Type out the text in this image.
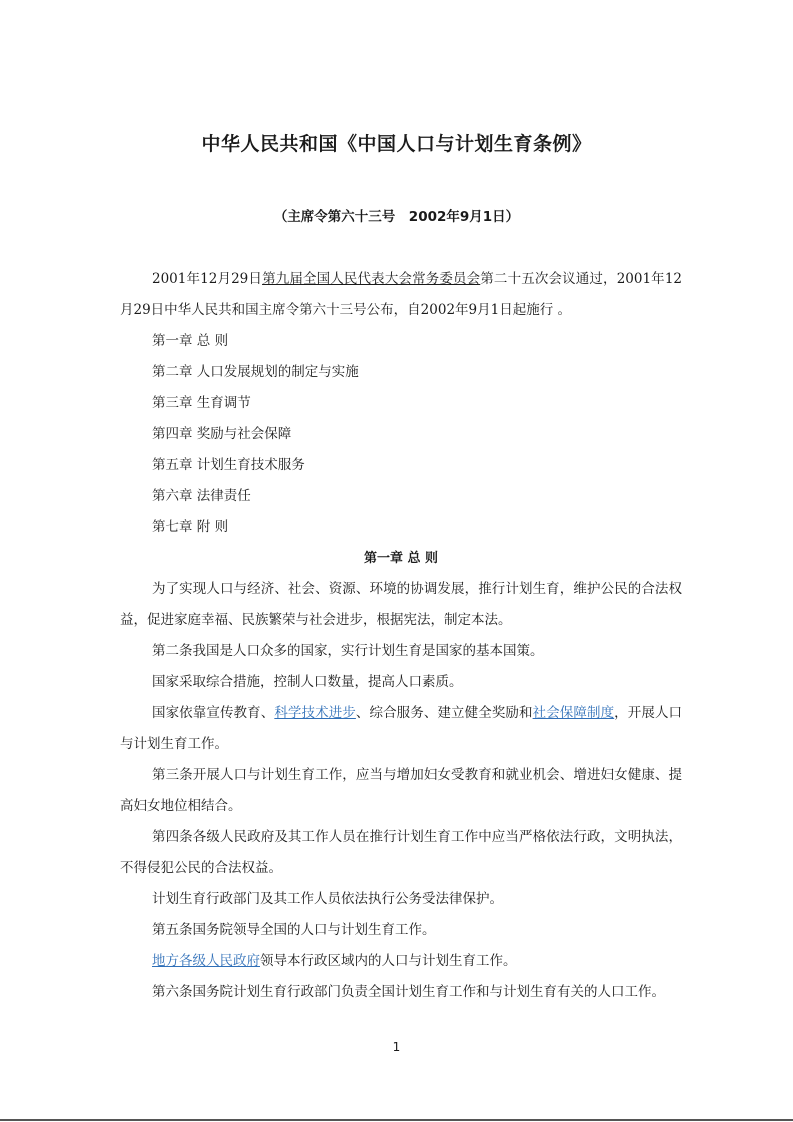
中华人民共和国《中国人口与计划生育条例》
（主席令第六十三号　2002年9月1日）

2001年12月29日第九届全国人民代表大会常务委员会第二十五次会议通过，2001年12月29日中华人民共和国主席令第六十三号公布，自2002年9月1日起施行 。

第一章 总 则

第二章 人口发展规划的制定与实施

第三章 生育调节

第四章 奖励与社会保障

第五章 计划生育技术服务

第六章 法律责任

第七章 附 则

第一章 总 则

为了实现人口与经济、社会、资源、环境的协调发展，推行计划生育，维护公民的合法权益，促进家庭幸福、民族繁荣与社会进步，根据宪法，制定本法。

第二条我国是人口众多的国家，实行计划生育是国家的基本国策。

国家采取综合措施，控制人口数量，提高人口素质。

国家依靠宣传教育、科学技术进步、综合服务、建立健全奖励和社会保障制度，开展人口与计划生育工作。

第三条开展人口与计划生育工作，应当与增加妇女受教育和就业机会、增进妇女健康、提高妇女地位相结合。

第四条各级人民政府及其工作人员在推行计划生育工作中应当严格依法行政，文明执法，不得侵犯公民的合法权益。

计划生育行政部门及其工作人员依法执行公务受法律保护。

第五条国务院领导全国的人口与计划生育工作。

地方各级人民政府领导本行政区域内的人口与计划生育工作。

第六条国务院计划生育行政部门负责全国计划生育工作和与计划生育有关的人口工作。

1
